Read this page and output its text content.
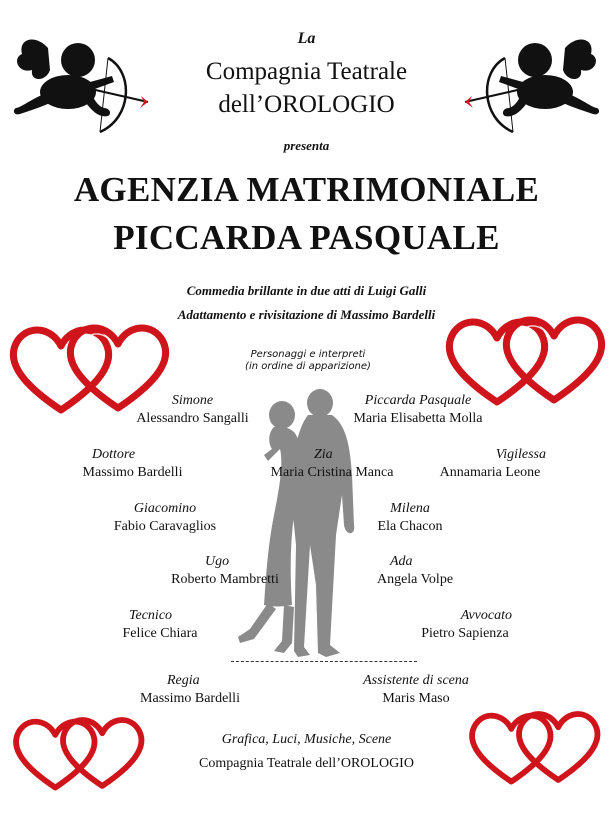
La
Compagnia Teatrale
dell’OROLOGIO
presenta
AGENZIA MATRIMONIALE
PICCARDA PASQUALE
Commedia brillante in due atti di Luigi Galli
Adattamento e rivisitazione di Massimo Bardelli
Personaggi e interpreti
(in ordine di apparizione)
Simone
Alessandro Sangalli
Piccarda Pasquale
Maria Elisabetta Molla
Dottore
Massimo Bardelli
Zia
Maria Cristina Manca
Vigilessa
Annamaria Leone
Giacomino
Fabio Caravaglios
Milena
Ela Chacon
Ugo
Roberto Mambretti
Ada
Angela Volpe
Tecnico
Felice Chiara
Avvocato
Pietro Sapienza
Regia
Massimo Bardelli
Assistente di scena
Maris Maso
Grafica, Luci, Musiche, Scene
Compagnia Teatrale dell’OROLOGIO
